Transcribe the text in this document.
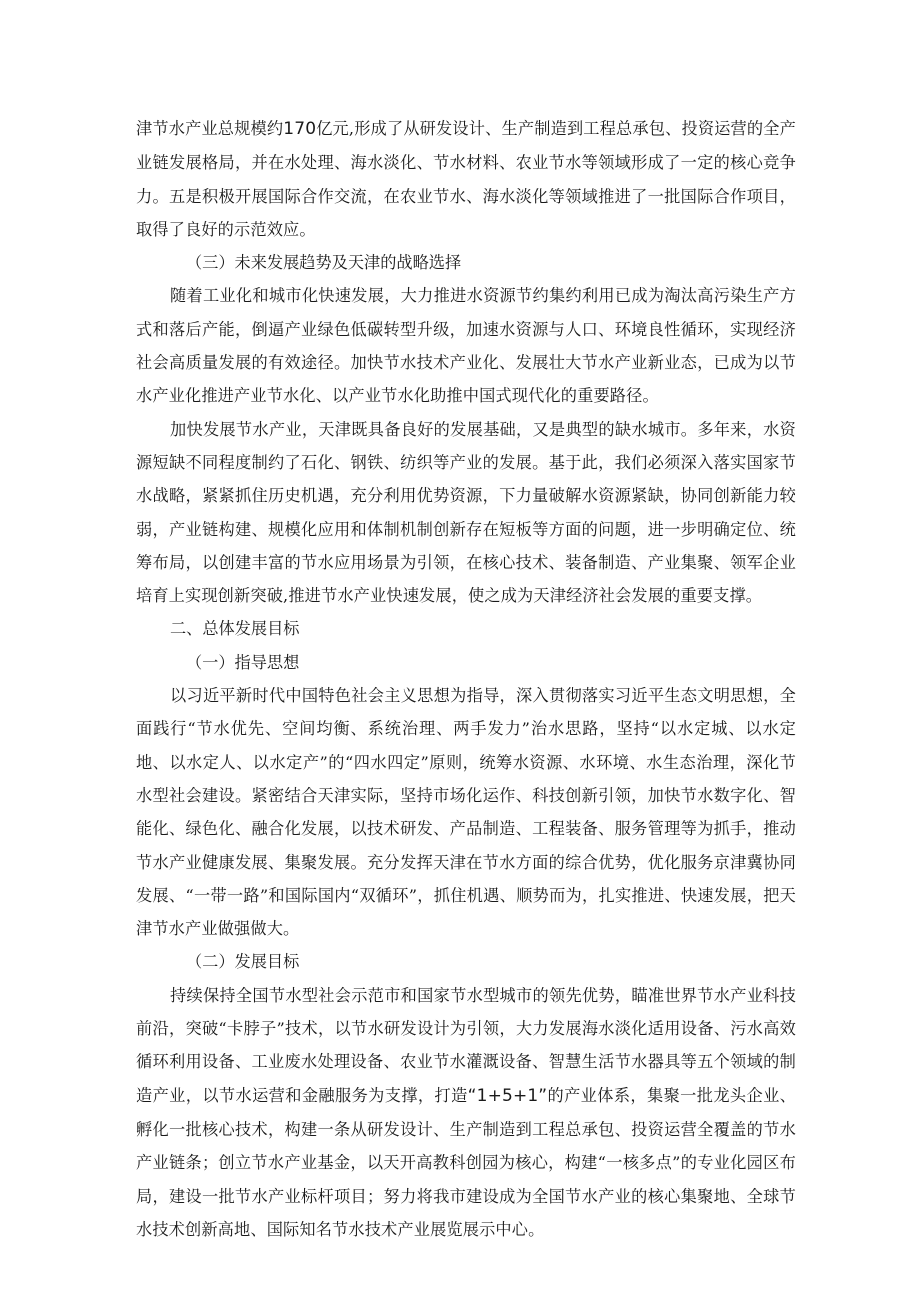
津节水产业总规模约170亿元,形成了从研发设计、生产制造到工程总承包、投资运营的全产业链发展格局，并在水处理、海水淡化、节水材料、农业节水等领域形成了一定的核心竞争力。五是积极开展国际合作交流，在农业节水、海水淡化等领域推进了一批国际合作项目，取得了良好的示范效应。

（三）未来发展趋势及天津的战略选择

随着工业化和城市化快速发展，大力推进水资源节约集约利用已成为淘汰高污染生产方式和落后产能，倒逼产业绿色低碳转型升级，加速水资源与人口、环境良性循环，实现经济社会高质量发展的有效途径。加快节水技术产业化、发展壮大节水产业新业态，已成为以节水产业化推进产业节水化、以产业节水化助推中国式现代化的重要路径。

加快发展节水产业，天津既具备良好的发展基础，又是典型的缺水城市。多年来，水资源短缺不同程度制约了石化、钢铁、纺织等产业的发展。基于此，我们必须深入落实国家节水战略，紧紧抓住历史机遇，充分利用优势资源，下力量破解水资源紧缺，协同创新能力较弱，产业链构建、规模化应用和体制机制创新存在短板等方面的问题，进一步明确定位、统筹布局，以创建丰富的节水应用场景为引领，在核心技术、装备制造、产业集聚、领军企业培育上实现创新突破,推进节水产业快速发展，使之成为天津经济社会发展的重要支撑。

二、总体发展目标

（一）指导思想

以习近平新时代中国特色社会主义思想为指导，深入贯彻落实习近平生态文明思想，全面践行“节水优先、空间均衡、系统治理、两手发力”治水思路，坚持“以水定城、以水定地、以水定人、以水定产”的“四水四定”原则，统筹水资源、水环境、水生态治理，深化节水型社会建设。紧密结合天津实际，坚持市场化运作、科技创新引领，加快节水数字化、智能化、绿色化、融合化发展，以技术研发、产品制造、工程装备、服务管理等为抓手，推动节水产业健康发展、集聚发展。充分发挥天津在节水方面的综合优势，优化服务京津冀协同发展、“一带一路”和国际国内“双循环”，抓住机遇、顺势而为，扎实推进、快速发展，把天津节水产业做强做大。

（二）发展目标

持续保持全国节水型社会示范市和国家节水型城市的领先优势，瞄准世界节水产业科技前沿，突破“卡脖子”技术，以节水研发设计为引领，大力发展海水淡化适用设备、污水高效循环利用设备、工业废水处理设备、农业节水灌溉设备、智慧生活节水器具等五个领域的制造产业，以节水运营和金融服务为支撑，打造“1+5+1”的产业体系，集聚一批龙头企业、孵化一批核心技术，构建一条从研发设计、生产制造到工程总承包、投资运营全覆盖的节水产业链条；创立节水产业基金，以天开高教科创园为核心，构建“一核多点”的专业化园区布局，建设一批节水产业标杆项目；努力将我市建设成为全国节水产业的核心集聚地、全球节水技术创新高地、国际知名节水技术产业展览展示中心。
